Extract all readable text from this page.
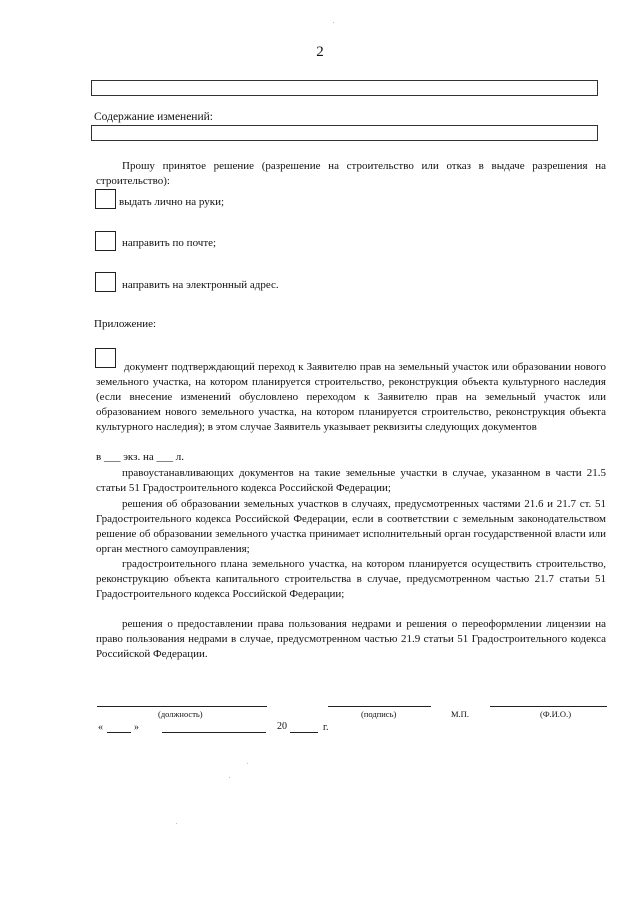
2
Содержание изменений:
Прошу принятое решение (разрешение на строительство или отказ в выдаче разрешения на строительство):
выдать лично на руки;
направить по почте;
направить на электронный адрес.
Приложение:
документ подтверждающий переход к Заявителю прав на земельный участок или образовании нового земельного участка, на котором планируется строительство, реконструкция объекта культурного наследия (если внесение изменений обусловлено переходом к Заявителю прав на земельный участок или образованием нового земельного участка, на котором планируется строительство, реконструкция объекта культурного наследия); в этом случае Заявитель указывает реквизиты следующих документов
в ___ экз. на ___ л.
правоустанавливающих документов на такие земельные участки в случае, указанном в части 21.5 статьи 51 Градостроительного кодекса Российской Федерации;
решения об образовании земельных участков в случаях, предусмотренных частями 21.6 и 21.7 ст. 51 Градостроительного кодекса Российской Федерации, если в соответствии с земельным законодательством решение об образовании земельного участка принимает исполнительный орган государственной власти или орган местного самоуправления;
градостроительного плана земельного участка, на котором планируется осуществить строительство, реконструкцию объекта капитального строительства в случае, предусмотренном частью 21.7 статьи 51 Градостроительного кодекса Российской Федерации;
решения о предоставлении права пользования недрами и решения о переоформлении лицензии на право пользования недрами в случае, предусмотренном частью 21.9 статьи 51 Градостроительного кодекса Российской Федерации.
(должность)	(подпись)	М.П.	(Ф.И.О.)
«	»	20	г.
